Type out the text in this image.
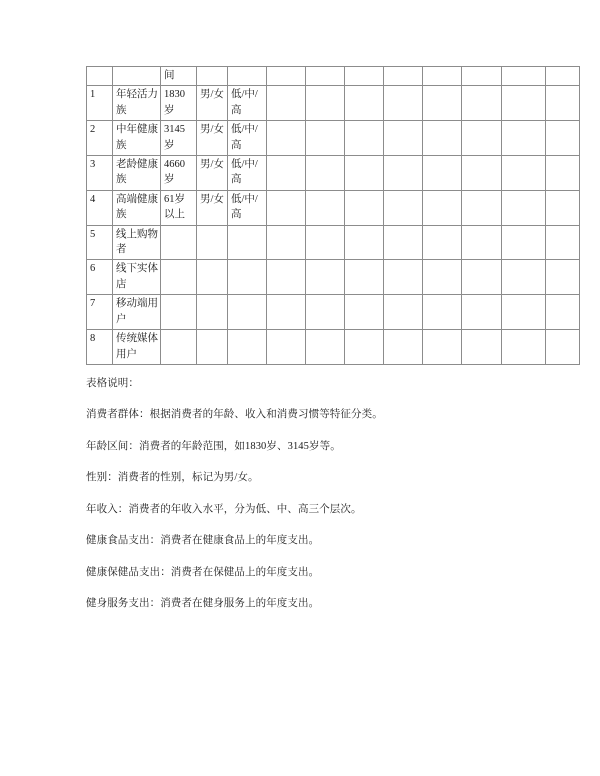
		间										
1	年轻活力族	1830岁	男/女	低/中/高								
2	中年健康族	3145岁	男/女	低/中/高								
3	老龄健康族	4660岁	男/女	低/中/高								
4	高端健康族	61岁以上	男/女	低/中/高								
5	线上购物者											
6	线下实体店											
7	移动端用户											
8	传统媒体用户											

表格说明：

消费者群体：根据消费者的年龄、收入和消费习惯等特征分类。

年龄区间：消费者的年龄范围，如1830岁、3145岁等。

性别：消费者的性别，标记为男/女。

年收入：消费者的年收入水平，分为低、中、高三个层次。

健康食品支出：消费者在健康食品上的年度支出。

健康保健品支出：消费者在保健品上的年度支出。

健身服务支出：消费者在健身服务上的年度支出。
